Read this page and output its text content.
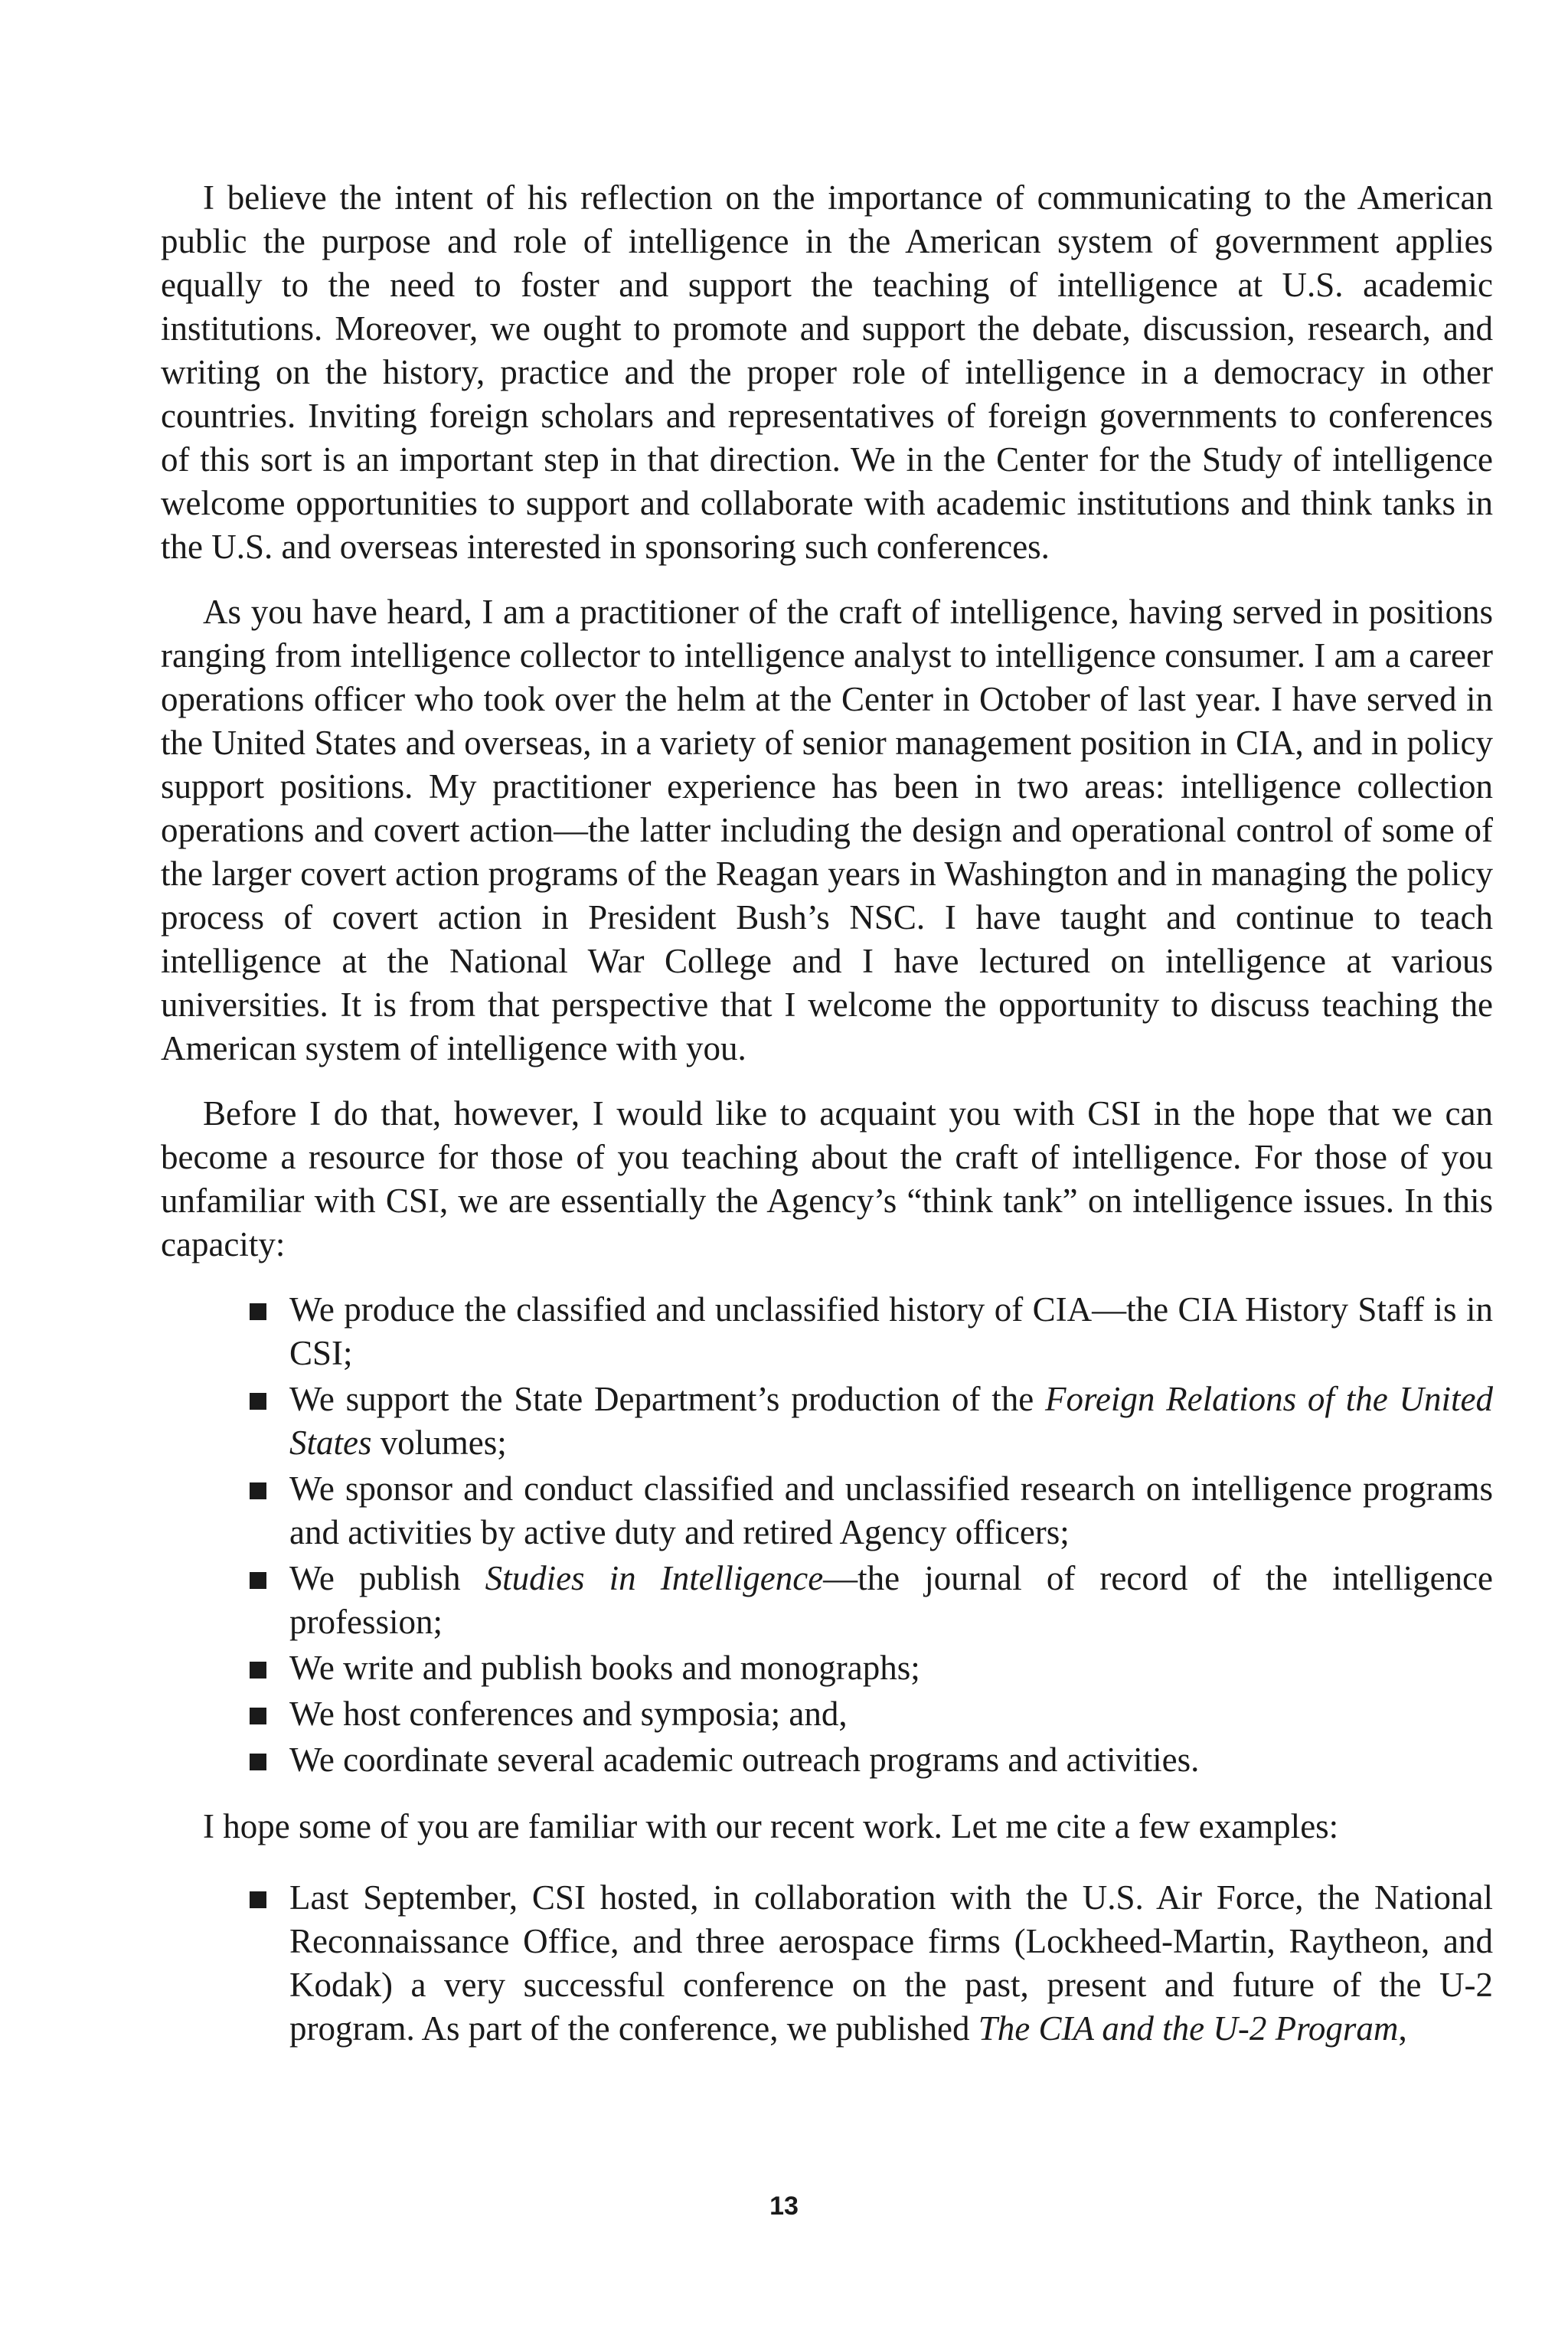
I believe the intent of his reflection on the importance of communicating to the American public the purpose and role of intelligence in the American system of government applies equally to the need to foster and support the teaching of intelligence at U.S. academic institutions. Moreover, we ought to promote and support the debate, discussion, research, and writing on the history, practice and the proper role of intelligence in a democracy in other countries. Inviting foreign scholars and representatives of foreign governments to conferences of this sort is an important step in that direction. We in the Center for the Study of intelligence welcome opportunities to support and collaborate with academic institutions and think tanks in the U.S. and overseas interested in sponsoring such conferences.

As you have heard, I am a practitioner of the craft of intelligence, having served in positions ranging from intelligence collector to intelligence analyst to intelligence consumer. I am a career operations officer who took over the helm at the Center in October of last year. I have served in the United States and overseas, in a variety of senior management position in CIA, and in policy support positions. My practitioner experience has been in two areas: intelligence collection operations and covert action—the latter including the design and operational control of some of the larger covert action programs of the Reagan years in Washington and in managing the policy process of covert action in President Bush’s NSC. I have taught and continue to teach intelligence at the National War College and I have lectured on intelligence at various universities. It is from that perspective that I welcome the opportunity to discuss teaching the American system of intelligence with you.

Before I do that, however, I would like to acquaint you with CSI in the hope that we can become a resource for those of you teaching about the craft of intelligence. For those of you unfamiliar with CSI, we are essentially the Agency’s “think tank” on intelligence issues. In this capacity:

We produce the classified and unclassified history of CIA—the CIA History Staff is in CSI;
We support the State Department’s production of the Foreign Relations of the United States volumes;
We sponsor and conduct classified and unclassified research on intelligence programs and activities by active duty and retired Agency officers;
We publish Studies in Intelligence—the journal of record of the intelligence profession;
We write and publish books and monographs;
We host conferences and symposia; and,
We coordinate several academic outreach programs and activities.

I hope some of you are familiar with our recent work. Let me cite a few examples:

Last September, CSI hosted, in collaboration with the U.S. Air Force, the National Reconnaissance Office, and three aerospace firms (Lockheed-Martin, Raytheon, and Kodak) a very successful conference on the past, present and future of the U-2 program. As part of the conference, we published The CIA and the U-2 Program,
13
